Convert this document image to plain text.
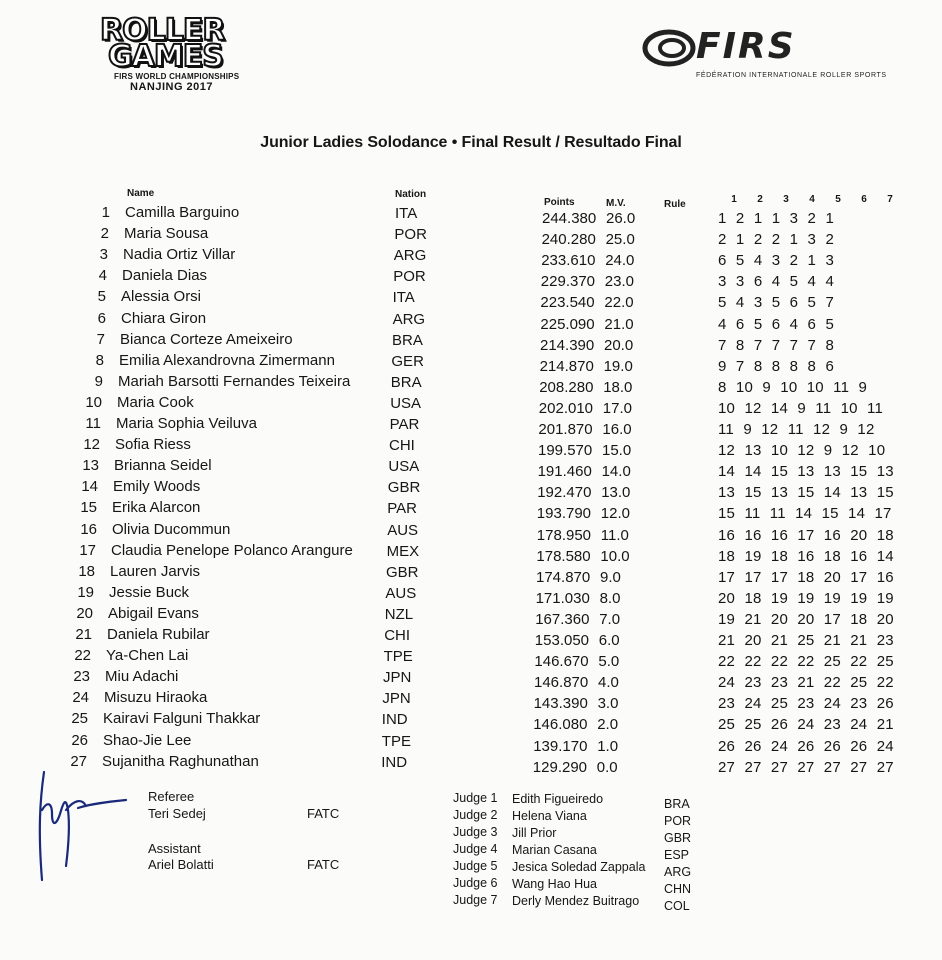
ROLLER
GAMES
FIRS WORLD CHAMPIONSHIPS
NANJING 2017
FIRS
FÉDÉRATION INTERNATIONALE ROLLER SPORTS
Junior Ladies Solodance • Final Result / Resultado Final
Name	Nation
Points	M.V.	Rule	1 2 3 4 5 6 7
1 Camilla Barguino	ITA	244.380 26.0	1 2 1 1 3 2 1
2 Maria Sousa	POR	240.280 25.0	2 1 2 2 1 3 2
3 Nadia Ortiz Villar	ARG	233.610 24.0	6 5 4 3 2 1 3
4 Daniela Dias	POR	229.370 23.0	3 3 6 4 5 4 4
5 Alessia Orsi	ITA	223.540 22.0	5 4 3 5 6 5 7
6 Chiara Giron	ARG	225.090 21.0	4 6 5 6 4 6 5
7 Bianca Corteze Ameixeiro	BRA	214.390 20.0	7 8 7 7 7 7 8
8 Emilia Alexandrovna Zimermann	GER	214.870 19.0	9 7 8 8 8 8 6
9 Mariah Barsotti Fernandes Teixeira	BRA	208.280 18.0	8 10 9 10 10 11 9
10 Maria Cook	USA	202.010 17.0	10 12 14 9 11 10 11
11 Maria Sophia Veiluva	PAR	201.870 16.0	11 9 12 11 12 9 12
12 Sofia Riess	CHI	199.570 15.0	12 13 10 12 9 12 10
13 Brianna Seidel	USA	191.460 14.0	14 14 15 13 13 15 13
14 Emily Woods	GBR	192.470 13.0	13 15 13 15 14 13 15
15 Erika Alarcon	PAR	193.790 12.0	15 11 11 14 15 14 17
16 Olivia Ducommun	AUS	178.950 11.0	16 16 16 17 16 20 18
17 Claudia Penelope Polanco Arangure MEX	178.580 10.0	18 19 18 16 18 16 14
18 Lauren Jarvis	GBR	174.870 9.0	17 17 17 18 20 17 16
19 Jessie Buck	AUS	171.030 8.0	20 18 19 19 19 19 19
20 Abigail Evans	NZL	167.360 7.0	19 21 20 20 17 18 20
21 Daniela Rubilar	CHI	153.050 6.0	21 20 21 25 21 21 23
22 Ya-Chen Lai	TPE	146.670 5.0	22 22 22 22 25 22 25
23 Miu Adachi	JPN	146.870 4.0	24 23 23 21 22 25 22
24 Misuzu Hiraoka	JPN	143.390 3.0	23 24 25 23 24 23 26
25 Kairavi Falguni Thakkar	IND	146.080 2.0	25 25 26 24 23 24 21
26 Shao-Jie Lee	TPE	139.170 1.0	26 26 24 26 26 26 24
27 Sujanitha Raghunathan	IND	129.290 0.0	27 27 27 27 27 27 27
Referee
Teri Sedej	FATC
Assistant
Ariel Bolatti	FATC
Judge 1 Edith Figueiredo	BRA
Judge 2 Helena Viana	POR
Judge 3 Jill Prior	GBR
Judge 4 Marian Casana	ESP
Judge 5 Jesica Soledad Zappala ARG
Judge 6 Wang Hao Hua	CHN
Judge 7 Derly Mendez Buitrago COL
